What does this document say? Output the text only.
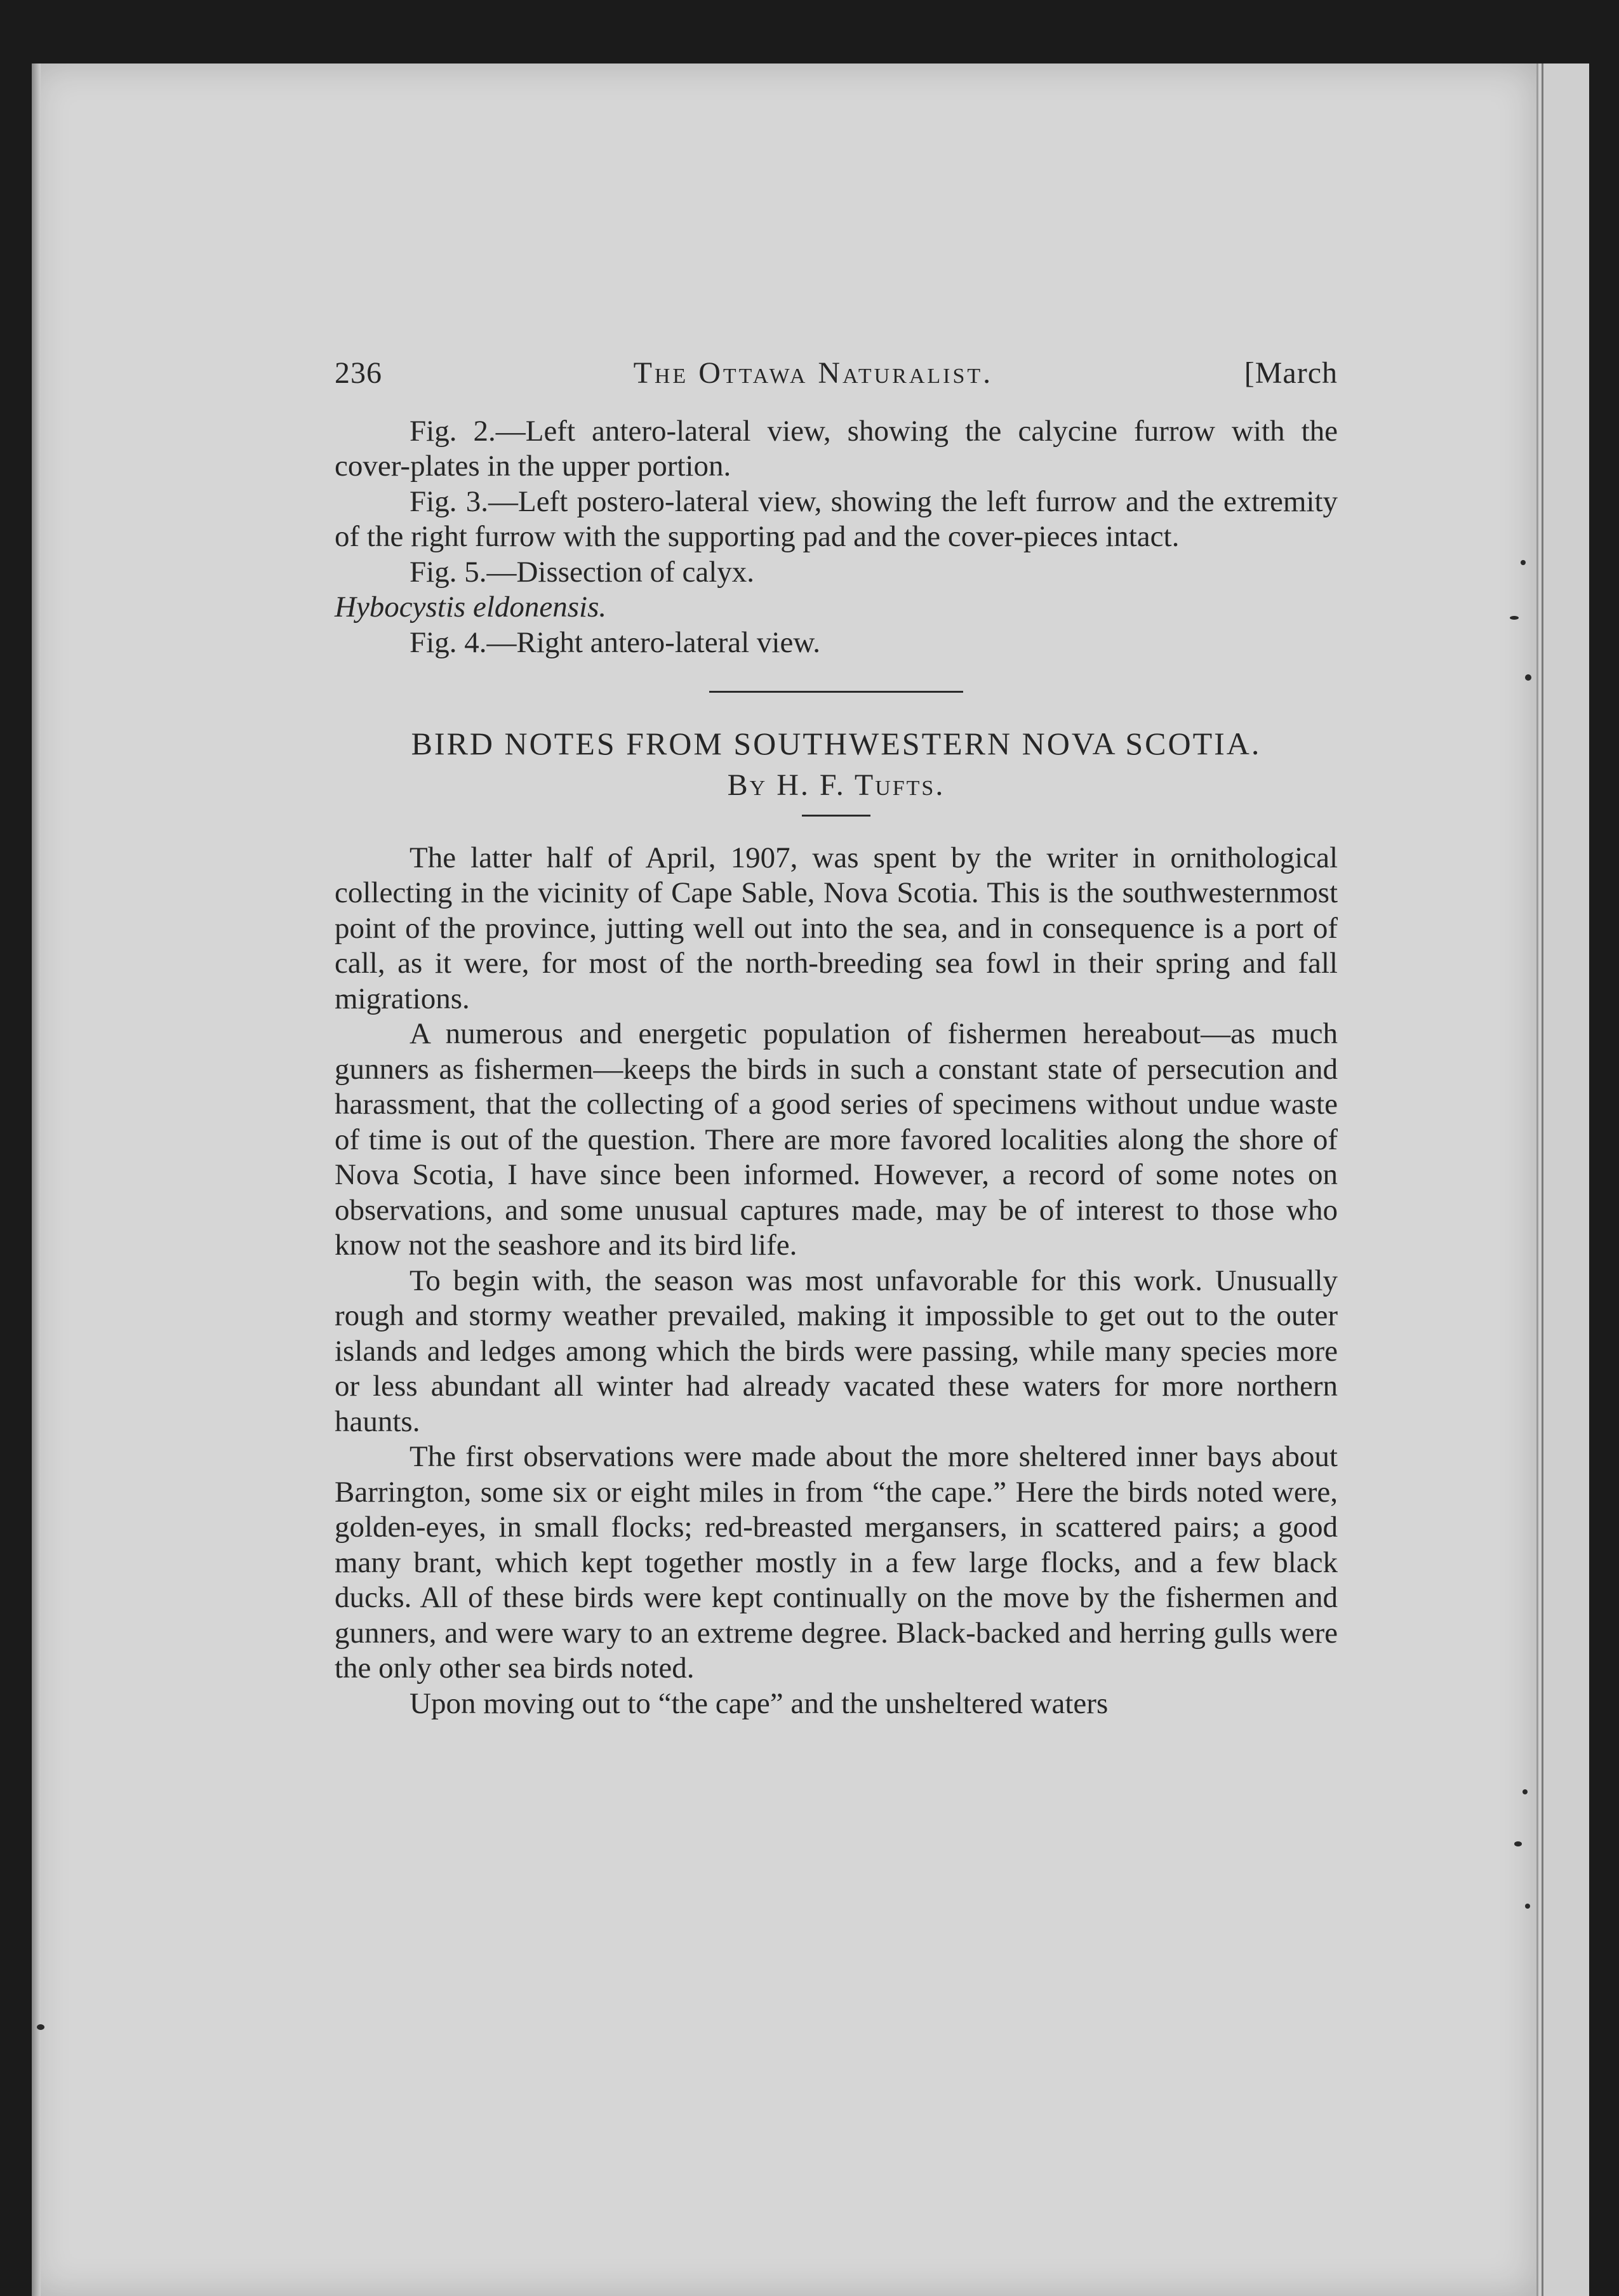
236	The Ottawa Naturalist.	[March

Fig. 2.—Left antero-lateral view, showing the calycine furrow with the cover-plates in the upper portion.

Fig. 3.—Left postero-lateral view, showing the left furrow and the extremity of the right furrow with the supporting pad and the cover-pieces intact.

Fig. 5.—Dissection of calyx.

Hybocystis eldonensis.

Fig. 4.—Right antero-lateral view.

BIRD NOTES FROM SOUTHWESTERN NOVA SCOTIA.
By H. F. Tufts.

The latter half of April, 1907, was spent by the writer in ornithological collecting in the vicinity of Cape Sable, Nova Scotia. This is the southwesternmost point of the province, jutting well out into the sea, and in consequence is a port of call, as it were, for most of the north-breeding sea fowl in their spring and fall migrations.

A numerous and energetic population of fishermen hereabout—as much gunners as fishermen—keeps the birds in such a constant state of persecution and harassment, that the collecting of a good series of specimens without undue waste of time is out of the question. There are more favored localities along the shore of Nova Scotia, I have since been informed. However, a record of some notes on observations, and some unusual captures made, may be of interest to those who know not the seashore and its bird life.

To begin with, the season was most unfavorable for this work. Unusually rough and stormy weather prevailed, making it impossible to get out to the outer islands and ledges among which the birds were passing, while many species more or less abundant all winter had already vacated these waters for more northern haunts.

The first observations were made about the more sheltered inner bays about Barrington, some six or eight miles in from “the cape.” Here the birds noted were, golden-eyes, in small flocks; red-breasted mergansers, in scattered pairs; a good many brant, which kept together mostly in a few large flocks, and a few black ducks. All of these birds were kept continually on the move by the fishermen and gunners, and were wary to an extreme degree. Black-backed and herring gulls were the only other sea birds noted.

Upon moving out to “the cape” and the unsheltered waters
